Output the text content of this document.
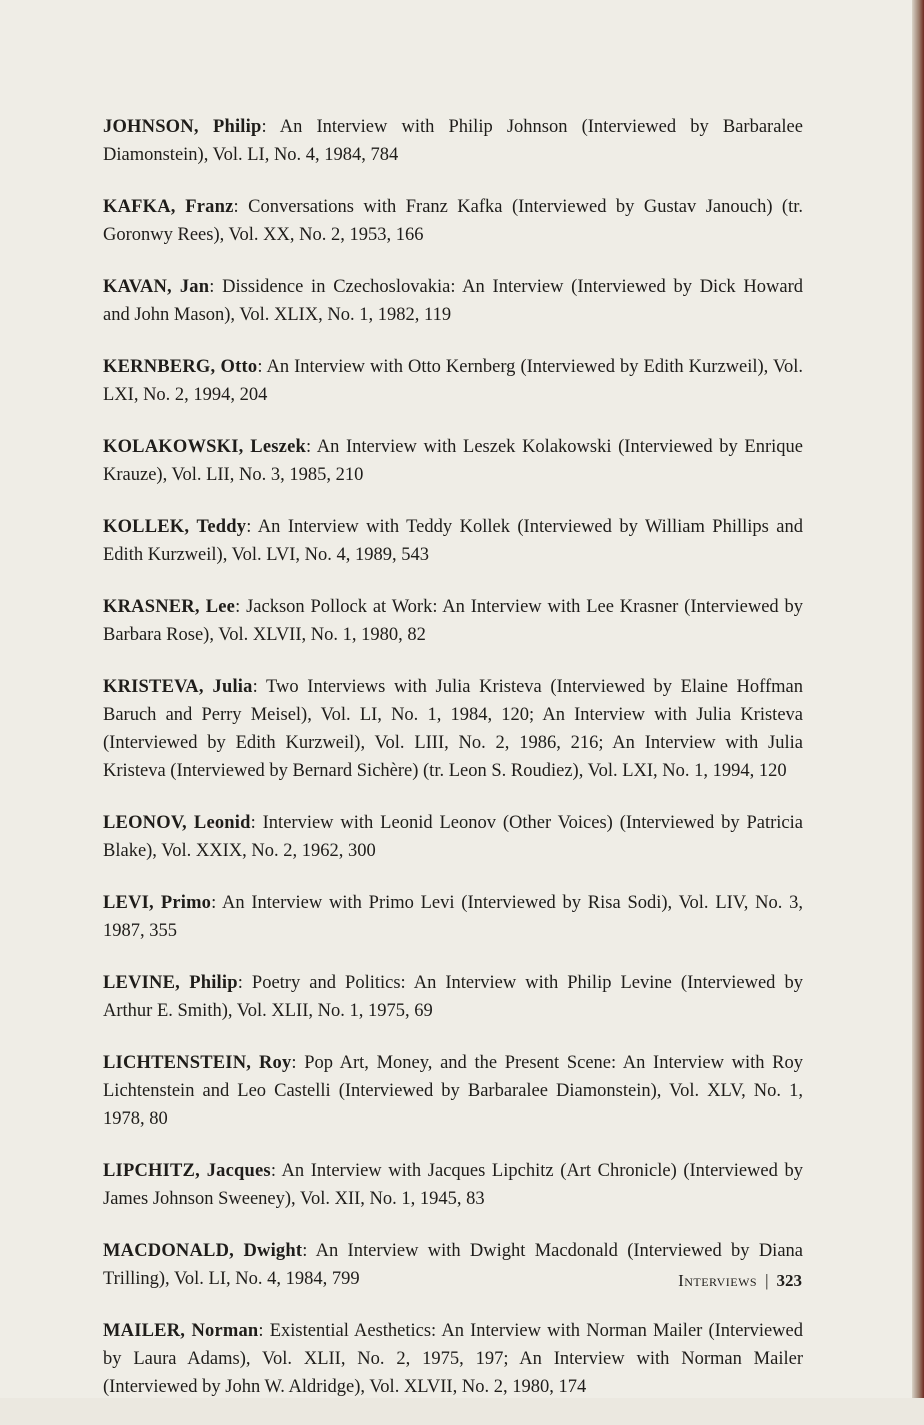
JOHNSON, Philip: An Interview with Philip Johnson (Interviewed by Barbaralee Diamonstein), Vol. LI, No. 4, 1984, 784

KAFKA, Franz: Conversations with Franz Kafka (Interviewed by Gustav Janouch) (tr. Goronwy Rees), Vol. XX, No. 2, 1953, 166

KAVAN, Jan: Dissidence in Czechoslovakia: An Interview (Interviewed by Dick Howard and John Mason), Vol. XLIX, No. 1, 1982, 119

KERNBERG, Otto: An Interview with Otto Kernberg (Interviewed by Edith Kurzweil), Vol. LXI, No. 2, 1994, 204

KOLAKOWSKI, Leszek: An Interview with Leszek Kolakowski (Interviewed by Enrique Krauze), Vol. LII, No. 3, 1985, 210

KOLLEK, Teddy: An Interview with Teddy Kollek (Interviewed by William Phillips and Edith Kurzweil), Vol. LVI, No. 4, 1989, 543

KRASNER, Lee: Jackson Pollock at Work: An Interview with Lee Krasner (Interviewed by Barbara Rose), Vol. XLVII, No. 1, 1980, 82

KRISTEVA, Julia: Two Interviews with Julia Kristeva (Interviewed by Elaine Hoffman Baruch and Perry Meisel), Vol. LI, No. 1, 1984, 120; An Interview with Julia Kristeva (Interviewed by Edith Kurzweil), Vol. LIII, No. 2, 1986, 216; An Interview with Julia Kristeva (Interviewed by Bernard Sichère) (tr. Leon S. Roudiez), Vol. LXI, No. 1, 1994, 120

LEONOV, Leonid: Interview with Leonid Leonov (Other Voices) (Interviewed by Patricia Blake), Vol. XXIX, No. 2, 1962, 300

LEVI, Primo: An Interview with Primo Levi (Interviewed by Risa Sodi), Vol. LIV, No. 3, 1987, 355

LEVINE, Philip: Poetry and Politics: An Interview with Philip Levine (Interviewed by Arthur E. Smith), Vol. XLII, No. 1, 1975, 69

LICHTENSTEIN, Roy: Pop Art, Money, and the Present Scene: An Interview with Roy Lichtenstein and Leo Castelli (Interviewed by Barbaralee Diamonstein), Vol. XLV, No. 1, 1978, 80

LIPCHITZ, Jacques: An Interview with Jacques Lipchitz (Art Chronicle) (Interviewed by James Johnson Sweeney), Vol. XII, No. 1, 1945, 83

MACDONALD, Dwight: An Interview with Dwight Macdonald (Interviewed by Diana Trilling), Vol. LI, No. 4, 1984, 799

MAILER, Norman: Existential Aesthetics: An Interview with Norman Mailer (Interviewed by Laura Adams), Vol. XLII, No. 2, 1975, 197; An Interview with Norman Mailer (Interviewed by John W. Aldridge), Vol. XLVII, No. 2, 1980, 174

Interviews | 323
